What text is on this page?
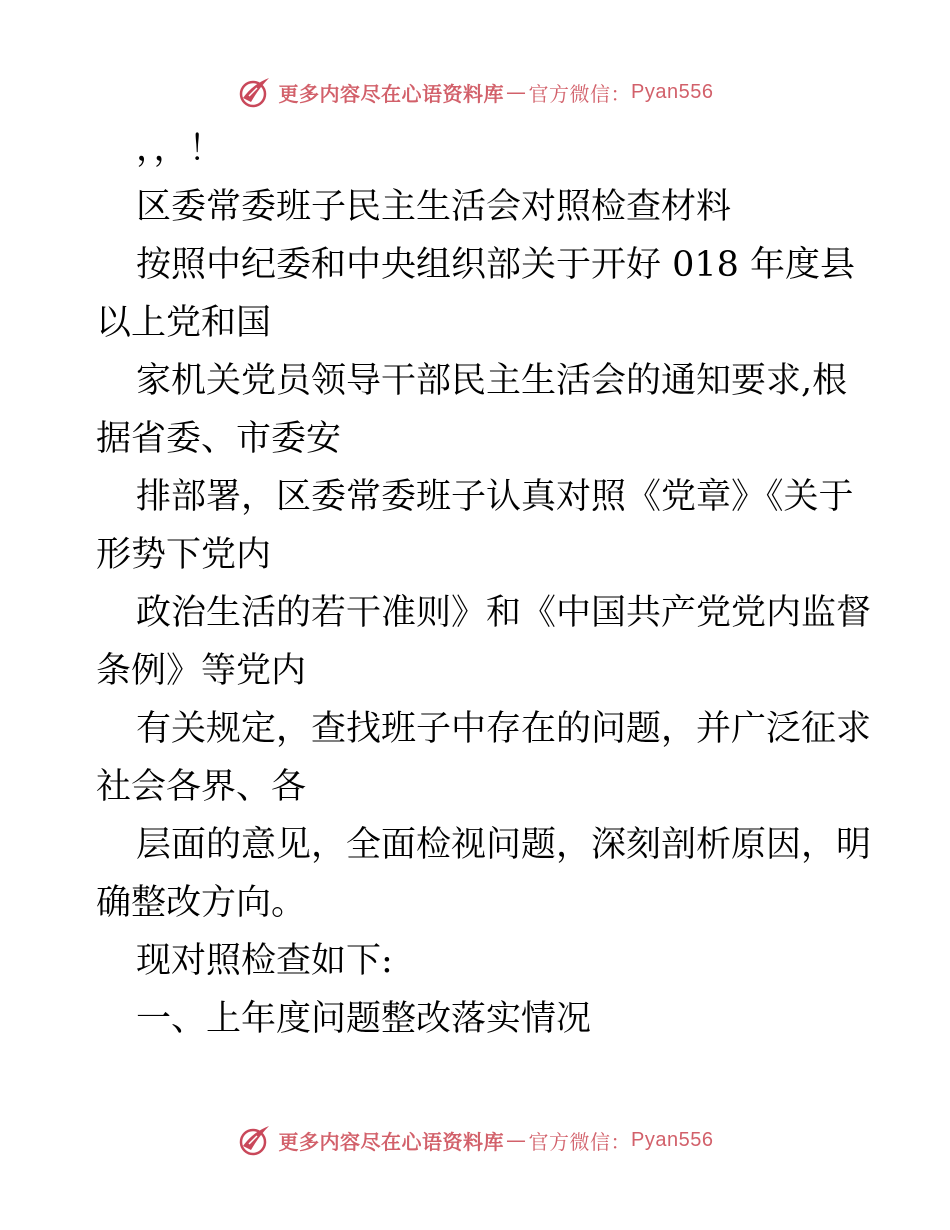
更多内容尽在心语资料库 — 官方微信： Pyan556
，，！
区委常委班子民主生活会对照检查材料
按照中纪委和中央组织部关于开好 018 年度县
以上党和国
家机关党员领导干部民主生活会的通知要求,根
据省委、市委安
排部署，区委常委班子认真对照《党章》《关于
形势下党内
政治生活的若干准则》和《中国共产党党内监督
条例》等党内
有关规定，查找班子中存在的问题，并广泛征求
社会各界、各
层面的意见，全面检视问题，深刻剖析原因，明
确整改方向。
现对照检查如下:
一、上年度问题整改落实情况
更多内容尽在心语资料库 — 官方微信： Pyan556
